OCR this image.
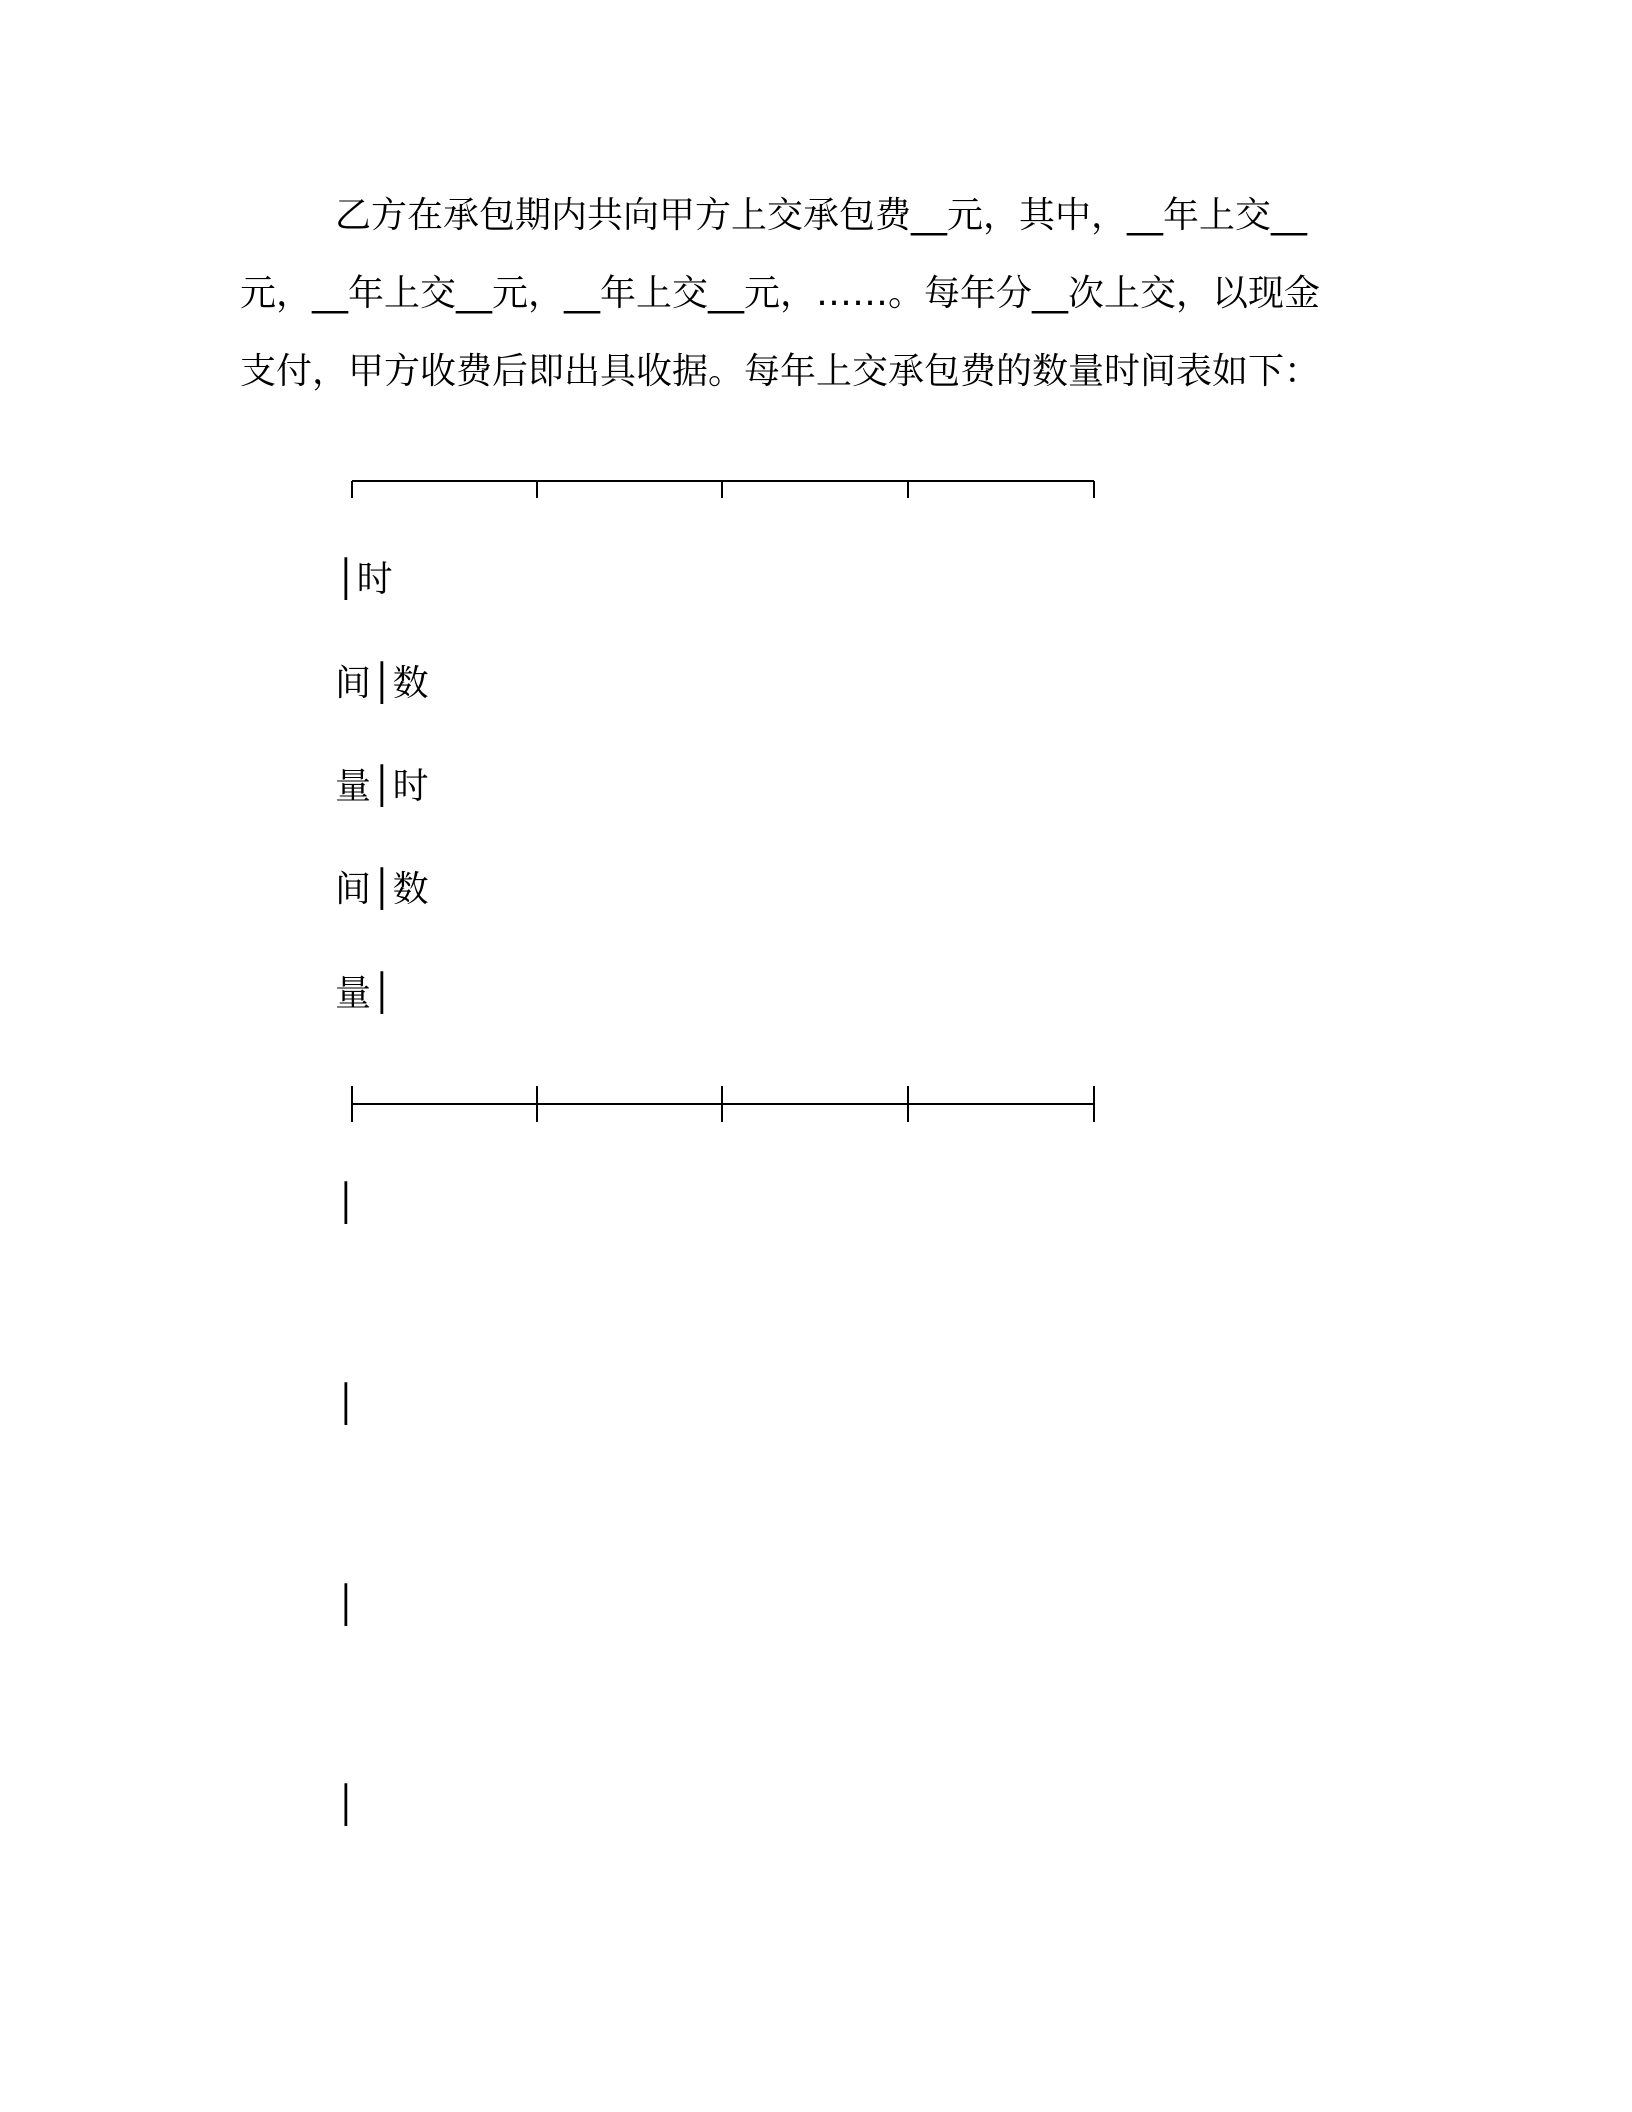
乙方在承包期内共向甲方上交承包费__元，其中，__年上交__
元，__年上交__元，__年上交__元，……。每年分__次上交，以现金
支付，甲方收费后即出具收据。每年上交承包费的数量时间表如下：
│时
间│数
量│时
间│数
量│
│
│
│
│
